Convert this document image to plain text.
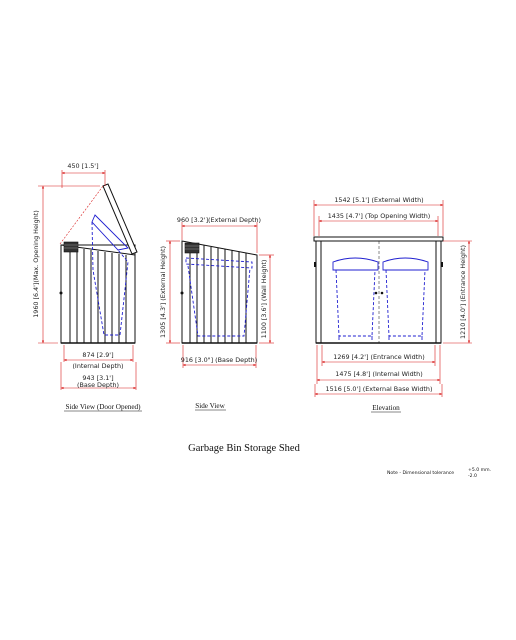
450 [1.5']
1960 [6.4'](Max. Opening Height)
874 [2.9']
(Internal Depth)
943 [3.1']
(Base Depth)
Side View (Door Opened)
960 [3.2'](External Depth)
1305 [4.3'] (External Height)	1100 [3.6'] (Wall Height)
916 [3.0"] (Base Depth)
Side View
1542 [5.1'] (External Width)
1435 [4.7'] (Top Opening Width)
1210 [4.0'] (Entrance Height)
1269 [4.2'] (Entrance Width)
1475 [4.8'] (Internal Width)
1516 [5.0'] (External Base Width)
Elevation
Garbage Bin Storage Shed
Note - Dimensional tolerance
+5.0 mm.
-2.0
